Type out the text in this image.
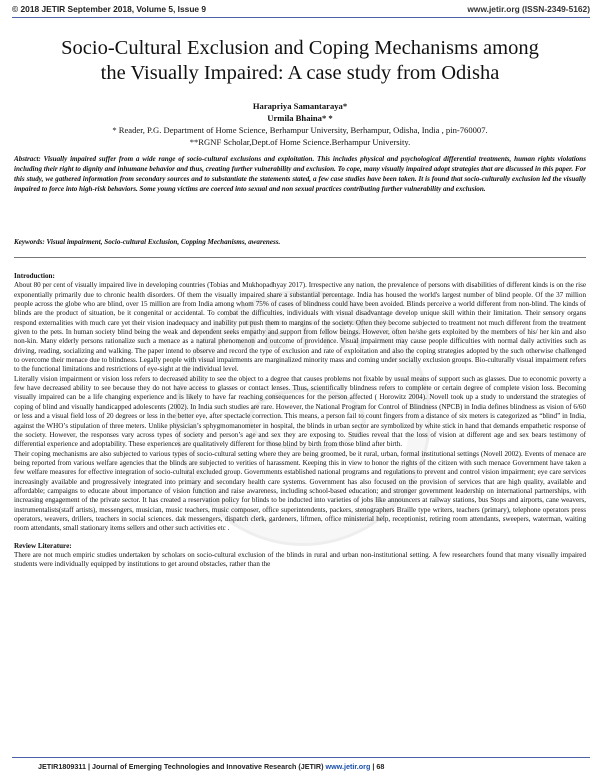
© 2018 JETIR September 2018, Volume 5, Issue 9	www.jetir.org (ISSN-2349-5162)
JETIR
Socio-Cultural Exclusion and Coping Mechanisms among
the Visually Impaired: A case study from Odisha
Harapriya Samantaraya*
Urmila Bhaina* *
* Reader, P.G. Department of Home Science, Berhampur University, Berhampur, Odisha, India , pin-760007.
**RGNF Scholar,Dept.of Home Science.Berhampur University.
Abstract: Visually impaired suffer from a wide range of socio-cultural exclusions and exploitation. This includes physical and psychological differential treatments, human rights violations including their right to dignity and inhumane behavior and thus, creating further vulnerability and exclusion. To cope, many visually impaired adopt strategies that are discussed in this paper. For this study, we gathered information from secondary sources and to substantiate the statements stated, a few case studies have been taken. It is found that socio-culturally exclusion led the visually impaired to force into high-risk behaviors. Some young victims are coerced into sexual and non sexual practices contributing further vulnerability and exclusion.
Keywords: Visual impairment, Socio-cultural Exclusion, Copping Mechanisms, awareness.

Introduction:

About 80 per cent of visually impaired live in developing countries (Tobias and Mukhopadhyay 2017). Irrespective any nation, the prevalence of persons with disabilities of different kinds is on the rise exponentially primarily due to chronic health disorders. Of them the visually impaired share a substantial percentage. India has housed the world's largest number of blind people. Of the 37 million people across the globe who are blind, over 15 million are from India among whom 75% of cases of blindness could have been avoided. Blinds perceive a world different from non-blind. The kinds of blinds are the product of situation, be it congenital or accidental. To combat the difficulties, individuals with visual disadvantage develop unique skill within their limitation. Their sensory organs respond externalities with much care yet their vision inadequacy and inability put push them to margins of the society. Often they become subjected to treatment not much different from the treatment given to the pets. In human society blind being the weak and dependent seeks empathy and support from fellow beings. However, often he/she gets exploited by the members of his/ her kin and also non-kin. Many elderly persons rationalize such a menace as a natural phenomenon and outcome of providence. Visual impairment may cause people difficulties with normal daily activities such as driving, reading, socializing and walking. The paper intend to observe and record the type of exclusion and rate of exploitation and also the coping strategies adopted by the such otherwise challenged to overcome their menace due to blindness. Legally people with visual impairments are marginalized minority mass and coming under socially exclusion groups. Bio-culturally visual impairment refers to the functional limitations and restrictions of eye-sight at the individual level.

Literally vision impairment or vision loss refers to decreased ability to see the object to a degree that causes problems not fixable by usual means of support such as glasses. Due to economic poverty a few have decreased ability to see because they do not have access to glasses or contact lenses. Thus, scientifically blindness refers to complete or certain degree of complete vision loss. Becoming visually impaired can be a life changing experience and is likely to have far reaching consequences for the person affected ( Horowitz 2004). Novell took up a study to understand the strategies of coping of blind and visually handicapped adolescents (2002). In India such studies are rare. However, the National Program for Control of Blindness (NPCB) in India defines blindness as vision of 6/60 or less and a visual field loss of 20 degrees or less in the better eye, after spectacle correction. This means, a person fail to count fingers from a distance of six meters is categorized as “blind” in India, against the WHO’s stipulation of three meters. Unlike physician’s sphygmomanometer in hospital, the blinds in urban sector are symbolized by white stick in hand that demands empathetic response of the society. However, the responses vary across types of society and person’s age and sex they are exposing to. Studies reveal that the loss of vision at different age and sex bears testimony of differential experience and adoptability. These experiences are qualitatively different for those blind by birth from those blind after birth.

Their coping mechanisms are also subjected to various types of socio-cultural setting where they are being groomed, be it rural, urban, formal institutional settings (Novell 2002). Events of menace are being reported from various welfare agencies that the blinds are subjected to verities of harassment. Keeping this in view to honor the rights of the citizen with such menace Government have taken a few welfare measures for effective integration of socio-cultural excluded group. Governments established national programs and regulations to prevent and control vision impairment; eye care services increasingly available and progressively integrated into primary and secondary health care systems. Government has also focused on the provision of services that are high quality, available and affordable; campaigns to educate about importance of vision function and raise awareness, including school-based education; and stronger government leadership on international partnerships, with increasing engagement of the private sector. It has created a reservation policy for blinds to be inducted into varieties of jobs like announcers at railway stations, bus Stops and airports, cane weavers, instrumentalists(staff artists), messengers, musician, music teachers, music composer, office superintendents, packers, stenographers Braille type writers, teachers (primary), telephone operators press operators, weavers, drillers, teachers in social sciences. dak messengers, dispatch clerk, gardeners, liftmen, office ministerial help, receptionist, retiring room attendants, sweepers, waterman, waiting room attendants, small stationary items sellers and other such activities etc .

Review Literature:

There are not much empiric studies undertaken by scholars on socio-cultural exclusion of the blinds in rural and urban non-institutional setting. A few researchers found that many visually impaired students were individually equipped by institutions to get around obstacles, rather than the

JETIR1809311 | Journal of Emerging Technologies and Innovative Research (JETIR) www.jetir.org | 68
